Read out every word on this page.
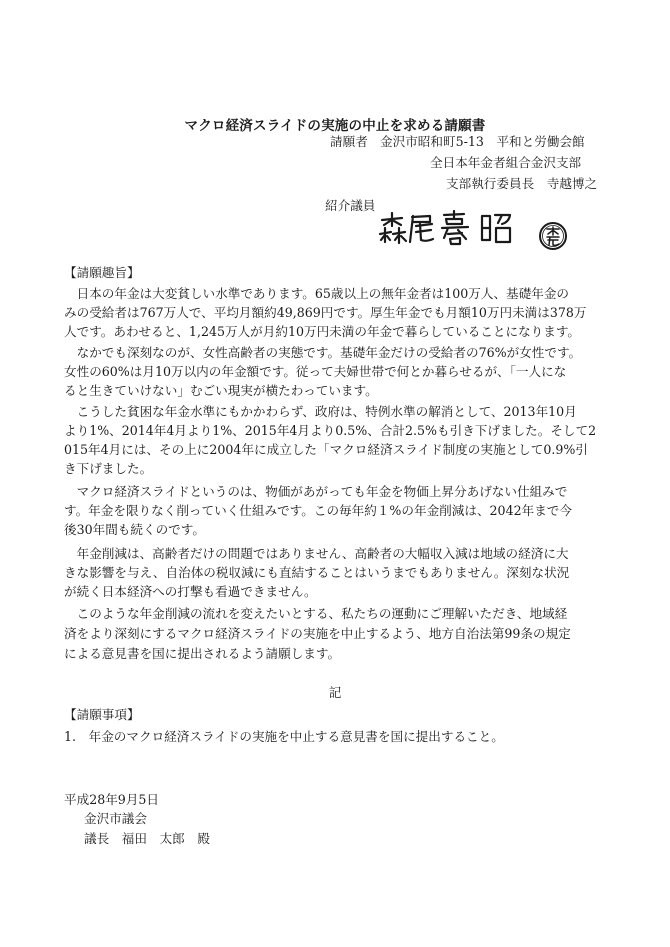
マクロ経済スライドの実施の中止を求める請願書
請願者 金沢市昭和町5-13　平和と労働会館
全日本年金者組合金沢支部
支部執行委員長　寺越博之
紹介議員
【請願趣旨】
　日本の年金は大変貧しい水準であります。65歳以上の無年金者は100万人、基礎年金の
みの受給者は767万人で、平均月額約49,869円です。厚生年金でも月額10万円未満は378万
人です。あわせると、1,245万人が月約10万円未満の年金で暮らしていることになります。
　なかでも深刻なのが、女性高齢者の実態です。基礎年金だけの受給者の76%が女性です。
女性の60%は月10万以内の年金額です。従って夫婦世帯で何とか暮らせるが、「一人にな
ると生きていけない」むごい現実が横たわっています。
　こうした貧困な年金水準にもかかわらず、政府は、特例水準の解消として、2013年10月
より1%、2014年4月より1%、2015年4月より0.5%、合計2.5%も引き下げました。そして2
015年4月には、その上に2004年に成立した「マクロ経済スライド制度の実施として0.9%引
き下げました。
　マクロ経済スライドというのは、物価があがっても年金を物価上昇分あげない仕組みで
す。年金を限りなく削っていく仕組みです。この毎年約１%の年金削減は、2042年まで今
後30年間も続くのです。
　年金削減は、高齢者だけの問題ではありません、高齢者の大幅収入減は地域の経済に大
きな影響を与え、自治体の税収減にも直結することはいうまでもありません。深刻な状況
が続く日本経済への打撃も看過できません。
　このような年金削減の流れを変えたいとする、私たちの運動にご理解いただき、地域経
済をより深刻にするマクロ経済スライドの実施を中止するよう、地方自治法第99条の規定
による意見書を国に提出されるよう請願します。
記
【請願事項】
1.　年金のマクロ経済スライドの実施を中止する意見書を国に提出すること。
平成28年9月5日
金沢市議会
議長　福田　太郎　殿
